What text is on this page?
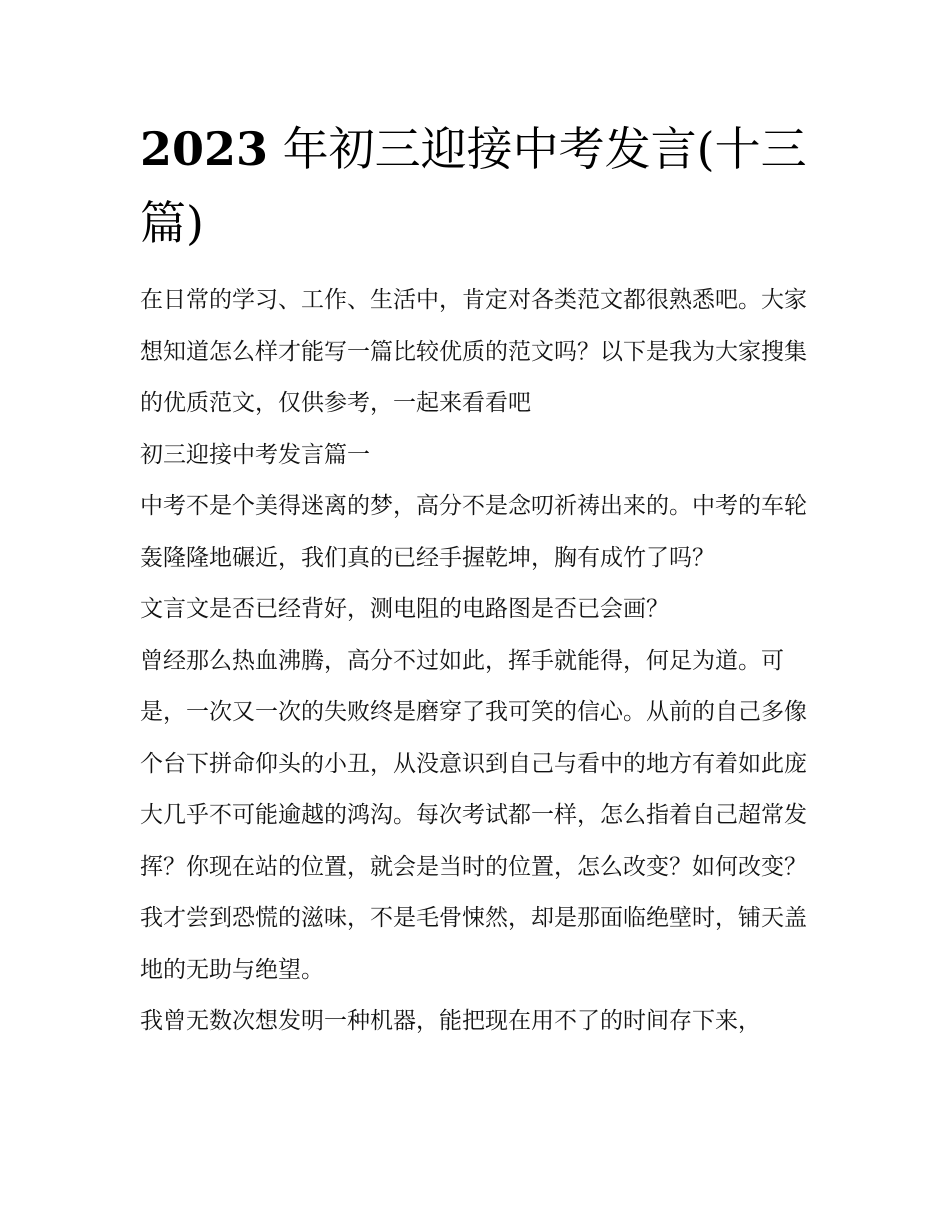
2023 年初三迎接中考发言(十三篇)

在日常的学习、工作、生活中，肯定对各类范文都很熟悉吧。大家想知道怎么样才能写一篇比较优质的范文吗？以下是我为大家搜集的优质范文，仅供参考，一起来看看吧

初三迎接中考发言篇一

中考不是个美得迷离的梦，高分不是念叨祈祷出来的。中考的车轮轰隆隆地碾近，我们真的已经手握乾坤，胸有成竹了吗？

文言文是否已经背好，测电阻的电路图是否已会画？

曾经那么热血沸腾，高分不过如此，挥手就能得，何足为道。可是，一次又一次的失败终是磨穿了我可笑的信心。从前的自己多像个台下拼命仰头的小丑，从没意识到自己与看中的地方有着如此庞大几乎不可能逾越的鸿沟。每次考试都一样，怎么指着自己超常发挥？你现在站的位置，就会是当时的位置，怎么改变？如何改变？

我才尝到恐慌的滋味，不是毛骨悚然，却是那面临绝壁时，铺天盖地的无助与绝望。

我曾无数次想发明一种机器，能把现在用不了的时间存下来，
